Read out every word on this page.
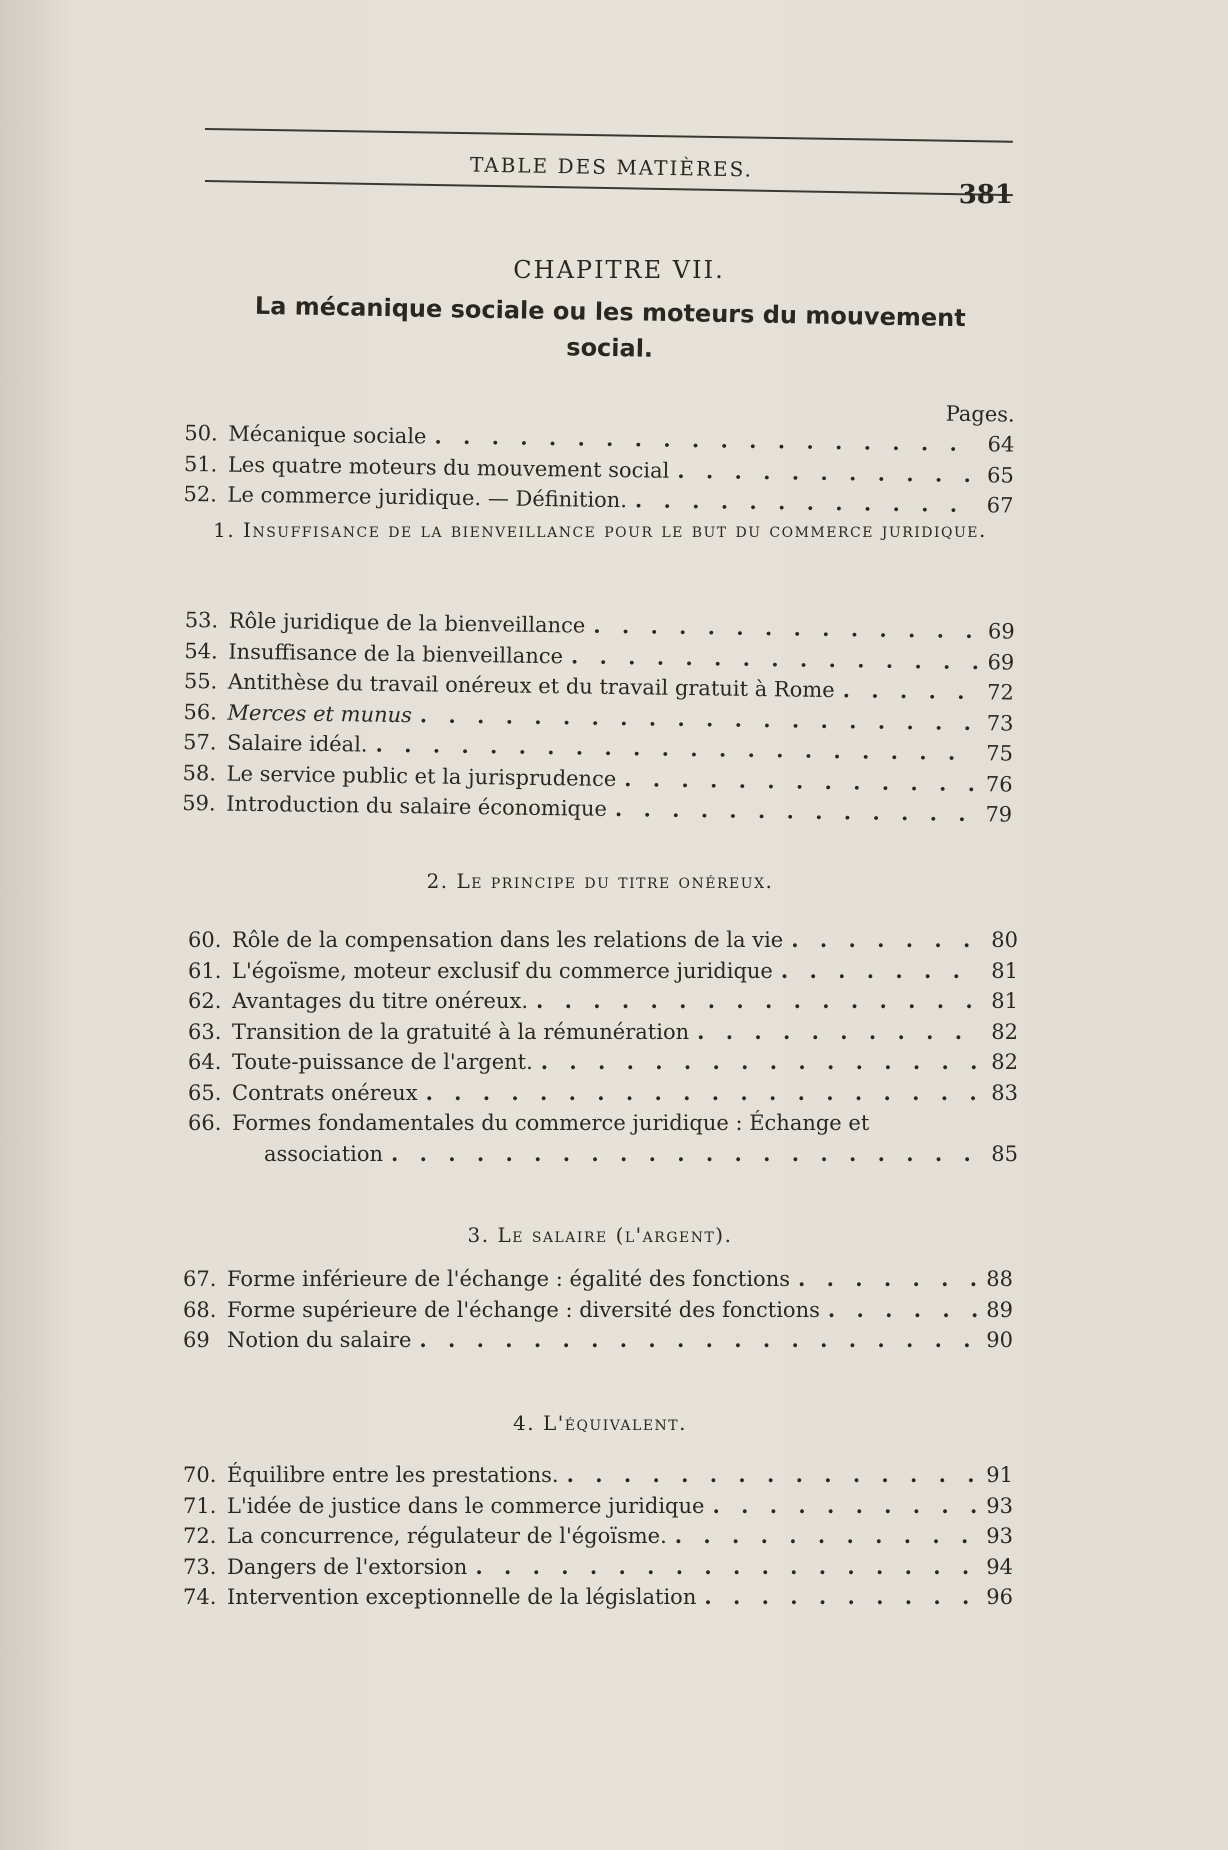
TABLE DES MATIÈRES.
381
CHAPITRE VII.
La mécanique sociale ou les moteurs du mouvement social.
Pages.
50. Mécanique sociale . . .	64
51. Les quatre moteurs du mouvement social . . .	65
52. Le commerce juridique. — Définition. . . .	67
1. Insuffisance de la bienveillance pour le but du commerce juridique.
53. Rôle juridique de la bienveillance . . .	69
54. Insuffisance de la bienveillance . . .	69
55. Antithèse du travail onéreux et du travail gratuit à Rome . . .	72
56. Merces et munus . . .	73
57. Salaire idéal. . . .	75
58. Le service public et la jurisprudence . . .	76
59. Introduction du salaire économique . . .	79
2. Le principe du titre onéreux.
60. Rôle de la compensation dans les relations de la vie . . .	80
61. L'égoïsme, moteur exclusif du commerce juridique . . .	81
62. Avantages du titre onéreux. . . .	81
63. Transition de la gratuité à la rémunération . . .	82
64. Toute-puissance de l'argent. . . .	82
65. Contrats onéreux . . .	83
66. Formes fondamentales du commerce juridique : Échange et
association . . .	85
3. Le salaire (l'argent).
67. Forme inférieure de l'échange : égalité des fonctions . . .	88
68. Forme supérieure de l'échange : diversité des fonctions . . .	89
69 Notion du salaire . . .	90
4. L'équivalent.
70. Équilibre entre les prestations. . . .	91
71. L'idée de justice dans le commerce juridique . . .	93
72. La concurrence, régulateur de l'égoïsme. . . .	93
73. Dangers de l'extorsion . . .	94
74. Intervention exceptionnelle de la législation . . .	96
